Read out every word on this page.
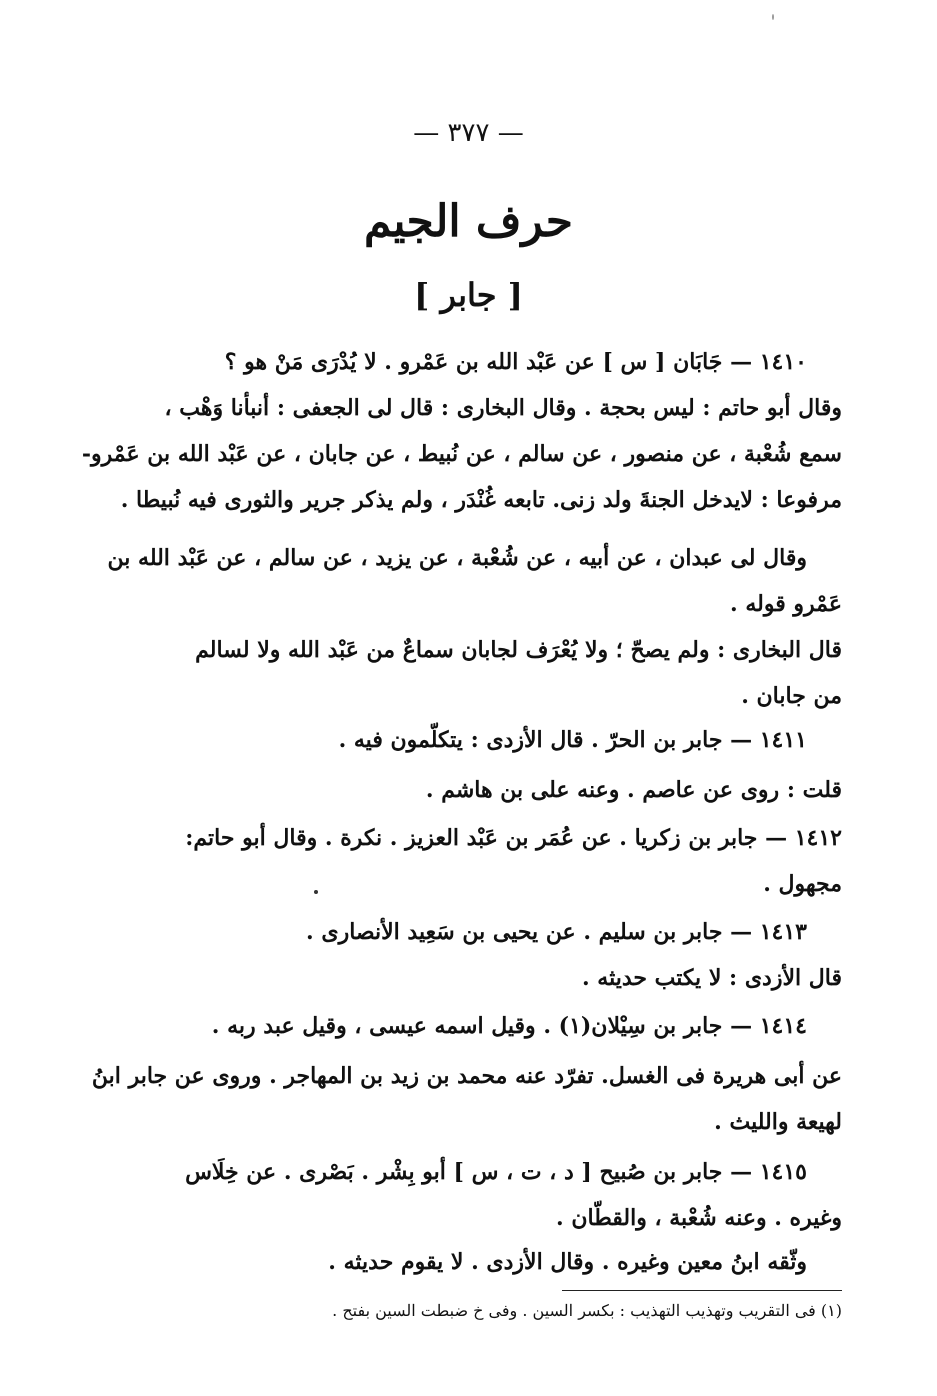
— ٣٧٧ —
حرف الجيم
[ جابر ]
١٤١٠ — جَابَان [ س ] عن عَبْد الله بن عَمْرو . لا يُدْرَى مَنْ هو ؟
وقال أبو حاتم : ليس بحجة . وقال البخارى : قال لى الجعفى : أنبأنا وَهْب ،
سمع شُعْبة ، عن منصور ، عن سالم ، عن نُبيط ، عن جابان ، عن عَبْد الله بن عَمْرو-
مرفوعا : لايدخل الجنةَ ولد زنى. تابعه غُنْدَر ، ولم يذكر جرير والثورى فيه نُبيطا .
وقال لى عبدان ، عن أبيه ، عن شُعْبة ، عن يزيد ، عن سالم ، عن عَبْد الله بن
عَمْرو قوله .
قال البخارى : ولم يصحّ ؛ ولا يُعْرَف لجابان سماعٌ من عَبْد الله ولا لسالم
من جابان .
١٤١١ — جابر بن الحرّ . قال الأزدى : يتكلّمون فيه .
قلت : روى عن عاصم . وعنه على بن هاشم .
١٤١٢ — جابر بن زكريا . عن عُمَر بن عَبْد العزيز . نكرة . وقال أبو حاتم:
مجهول .
١٤١٣ — جابر بن سليم . عن يحيى بن سَعِيد الأنصارى .
قال الأزدى : لا يكتب حديثه .
١٤١٤ — جابر بن سِيْلان(١) . وقيل اسمه عيسى ، وقيل عبد ربه .
عن أبى هريرة فى الغسل. تفرّد عنه محمد بن زيد بن المهاجر . وروى عن جابر ابنُ
لهيعة والليث .
١٤١٥ — جابر بن صُبيح [ د ، ت ، س ] أبو بِشْر . بَصْرى . عن خِلَاس
وغيره . وعنه شُعْبة ، والقطّان .
وثّقه ابنُ معين وغيره . وقال الأزدى . لا يقوم حديثه .
(١) فى التقريب وتهذيب التهذيب : بكسر السين . وفى خ ضبطت السين بفتح .
